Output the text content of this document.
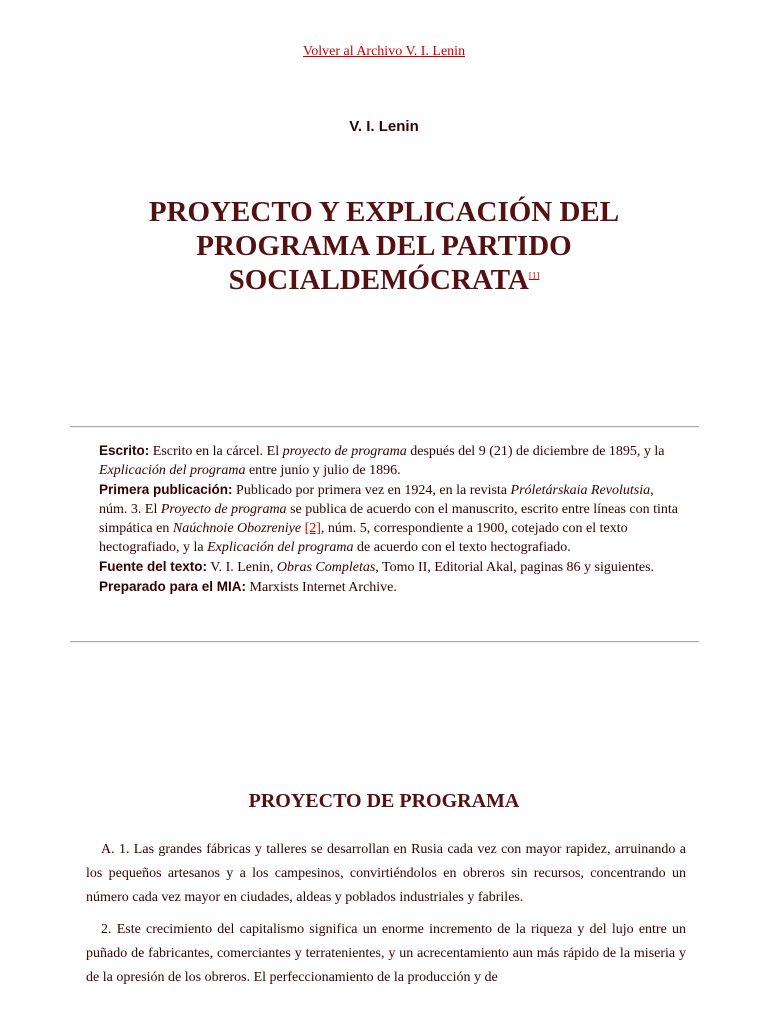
Volver al Archivo V. I. Lenin
V. I. Lenin
PROYECTO Y EXPLICACIÓN DEL PROGRAMA DEL PARTIDO SOCIALDEMÓCRATA[1]
Escrito: Escrito en la cárcel. El proyecto de programa después del 9 (21) de diciembre de 1895, y la Explicación del programa entre junio y julio de 1896.
Primera publicación: Publicado por primera vez en 1924, en la revista Próletárskaia Revolutsia, núm. 3. El Proyecto de programa se publica de acuerdo con el manuscrito, escrito entre líneas con tinta simpática en Naúchnoie Obozreniye [2], núm. 5, correspondiente a 1900, cotejado con el texto hectografiado, y la Explicación del programa de acuerdo con el texto hectografiado.
Fuente del texto: V. I. Lenin, Obras Completas, Tomo II, Editorial Akal, paginas 86 y siguientes.
Preparado para el MIA: Marxists Internet Archive.
PROYECTO DE PROGRAMA

A. 1. Las grandes fábricas y talleres se desarrollan en Rusia cada vez con mayor rapidez, arruinando a los pequeños artesanos y a los campesinos, convirtiéndolos en obreros sin recursos, concentrando un número cada vez mayor en ciudades, aldeas y poblados industriales y fabriles.

2. Este crecimiento del capitalismo significa un enorme incremento de la riqueza y del lujo entre un puñado de fabricantes, comerciantes y terratenientes, y un acrecentamiento aun más rápido de la miseria y de la opresión de los obreros. El perfeccionamiento de la producción y de
